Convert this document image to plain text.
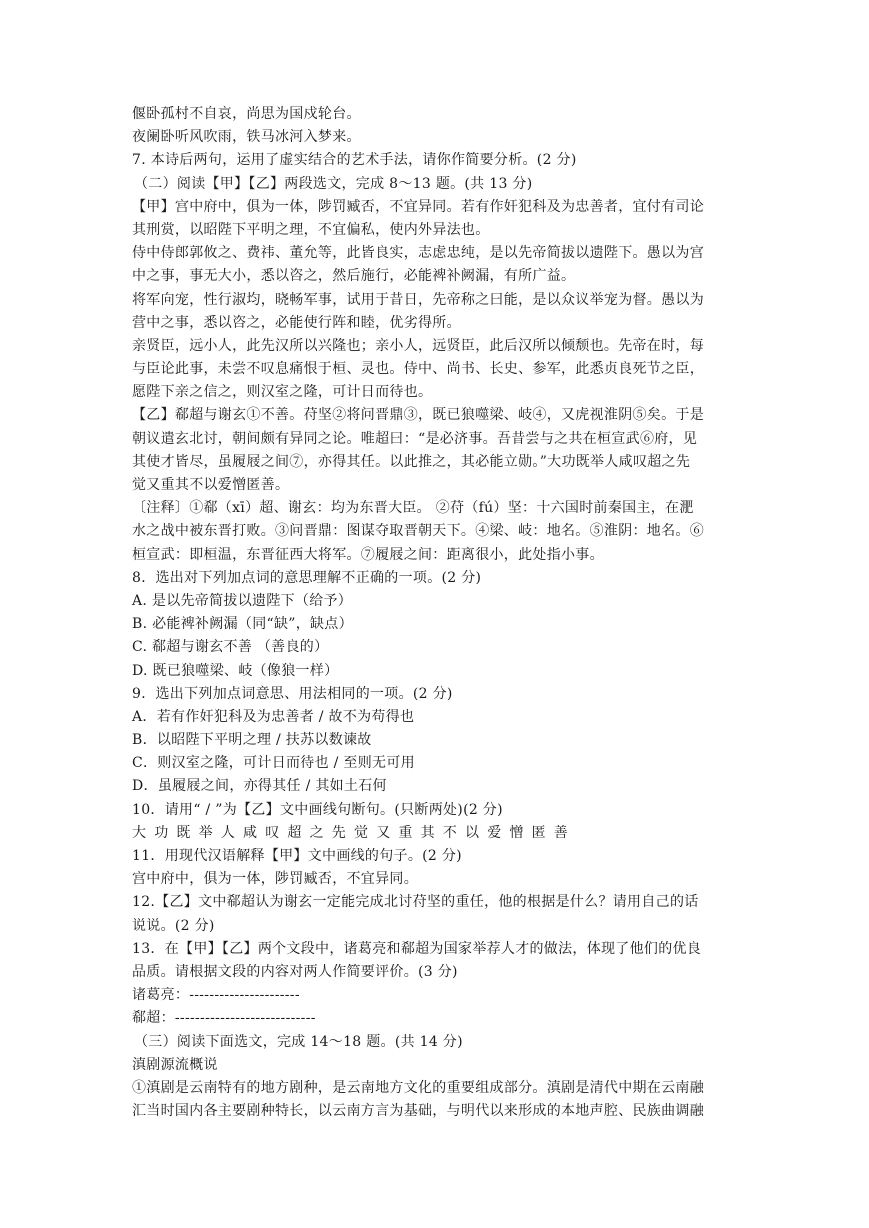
偃卧孤村不自哀，尚思为国戍轮台。
夜阑卧听风吹雨，铁马冰河入梦来。
7. 本诗后两句，运用了虚实结合的艺术手法，请你作简要分析。(2 分)
（二）阅读【甲】【乙】两段选文，完成 8～13 题。(共 13 分)
【甲】宫中府中，俱为一体，陟罚臧否，不宜异同。若有作奸犯科及为忠善者，宜付有司论
其刑赏，以昭陛下平明之理，不宜偏私，使内外异法也。
侍中侍郎郭攸之、费祎、董允等，此皆良实，志虑忠纯，是以先帝简拔以遗陛下。愚以为宫
中之事，事无大小，悉以咨之，然后施行，必能裨补阙漏，有所广益。
将军向宠，性行淑均，晓畅军事，试用于昔日，先帝称之曰能，是以众议举宠为督。愚以为
营中之事，悉以咨之，必能使行阵和睦，优劣得所。
亲贤臣，远小人，此先汉所以兴隆也；亲小人，远贤臣，此后汉所以倾颓也。先帝在时，每
与臣论此事，未尝不叹息痛恨于桓、灵也。侍中、尚书、长史、参军，此悉贞良死节之臣，
愿陛下亲之信之，则汉室之隆，可计日而待也。
【乙】郗超与谢玄①不善。苻坚②将问晋鼎③，既已狼噬梁、岐④，又虎视淮阴⑤矣。于是
朝议遣玄北讨，朝间颇有异同之论。唯超曰：“是必济事。吾昔尝与之共在桓宣武⑥府，见
其使才皆尽，虽履屐之间⑦，亦得其任。以此推之，其必能立勋。”大功既举人咸叹超之先
觉又重其不以爱憎匿善。
〔注释〕①郗（xī）超、谢玄：均为东晋大臣。 ②苻（fú）坚：十六国时前秦国主，在淝
水之战中被东晋打败。③问晋鼎：图谋夺取晋朝天下。④梁、岐：地名。⑤淮阴：地名。⑥
桓宣武：即桓温，东晋征西大将军。⑦履屐之间：距离很小，此处指小事。
8．选出对下列加点词的意思理解不正确的一项。(2 分)
A. 是以先帝简拔以遗陛下（给予）
B. 必能裨补阙漏（同“缺”，缺点）
C. 郗超与谢玄不善 （善良的）
D. 既已狼噬梁、岐（像狼一样）
9．选出下列加点词意思、用法相同的一项。(2 分)
A．若有作奸犯科及为忠善者 / 故不为苟得也
B．以昭陛下平明之理 / 扶苏以数谏故
C．则汉室之隆，可计日而待也 / 至则无可用
D．虽履屐之间，亦得其任 / 其如土石何
10．请用“ / ”为【乙】文中画线句断句。(只断两处)(2 分)
大功既举人咸叹超之先觉又重其不以爱憎匿善
11．用现代汉语解释【甲】文中画线的句子。(2 分)
宫中府中，俱为一体，陟罚臧否，不宜异同。
12.【乙】文中郗超认为谢玄一定能完成北讨苻坚的重任，他的根据是什么？请用自己的话
说说。(2 分)
13．在【甲】【乙】两个文段中，诸葛亮和郗超为国家举荐人才的做法，体现了他们的优良
品质。请根据文段的内容对两人作简要评价。(3 分)
诸葛亮：----------------------
郗超：----------------------------
（三）阅读下面选文，完成 14～18 题。(共 14 分)
滇剧源流概说
①滇剧是云南特有的地方剧种，是云南地方文化的重要组成部分。滇剧是清代中期在云南融
汇当时国内各主要剧种特长，以云南方言为基础，与明代以来形成的本地声腔、民族曲调融
